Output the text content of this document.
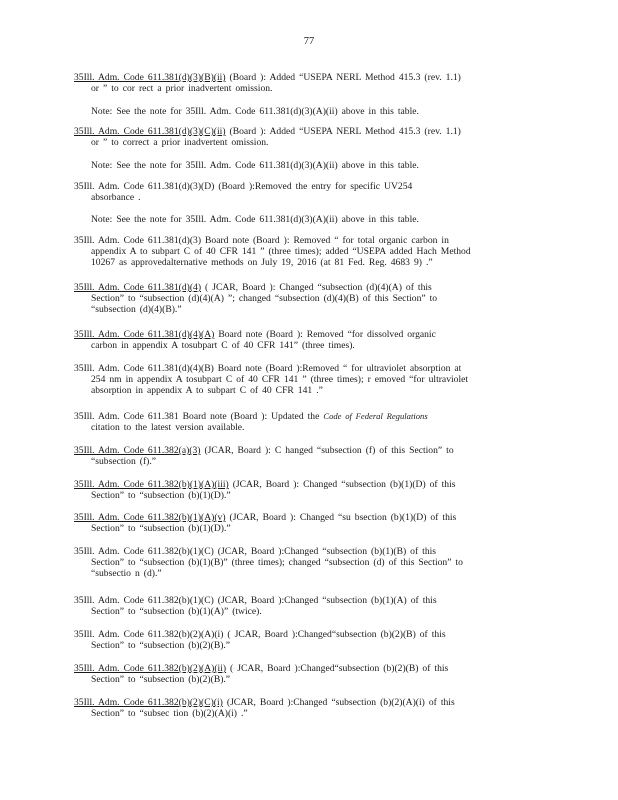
77
35Ill. Adm. Code 611.381(d)(3)(B)(ii) (Board ): Added “USEPA NERL Method 415.3 (rev. 1.1)
or ” to cor rect a prior inadvertent omission.
Note: See the note for 35Ill. Adm. Code 611.381(d)(3)(A)(ii) above in this table.
35Ill. Adm. Code 611.381(d)(3)(C)(ii) (Board ): Added “USEPA NERL Method 415.3 (rev. 1.1)
or ” to correct a prior inadvertent omission.
Note: See the note for 35Ill. Adm. Code 611.381(d)(3)(A)(ii) above in this table.
35Ill. Adm. Code 611.381(d)(3)(D) (Board ):Removed the entry for specific UV254
absorbance .
Note: See the note for 35Ill. Adm. Code 611.381(d)(3)(A)(ii) above in this table.
35Ill. Adm. Code 611.381(d)(3) Board note (Board ): Removed “ for total organic carbon in
appendix A to subpart C of 40 CFR 141 ” (three times); added “USEPA added Hach Method
10267 as approvedalternative methods on July 19, 2016 (at 81 Fed. Reg. 4683 9) .”
35Ill. Adm. Code 611.381(d)(4) ( JCAR, Board ): Changed “subsection (d)(4)(A) of this
Section” to “subsection (d)(4)(A) ”; changed “subsection (d)(4)(B) of this Section” to
“subsection (d)(4)(B).”
35Ill. Adm. Code 611.381(d)(4)(A) Board note (Board ): Removed “for dissolved organic
carbon in appendix A tosubpart C of 40 CFR 141” (three times).
35Ill. Adm. Code 611.381(d)(4)(B) Board note (Board ):Removed “ for ultraviolet absorption at
254 nm in appendix A tosubpart C of 40 CFR 141 ” (three times); r emoved “for ultraviolet
absorption in appendix A to subpart C of 40 CFR 141 .”
35Ill. Adm. Code 611.381 Board note (Board ): Updated the Code of Federal Regulations
citation to the latest version available.
35Ill. Adm. Code 611.382(a)(3) (JCAR, Board ): C hanged “subsection (f) of this Section” to
“subsection (f).”
35Ill. Adm. Code 611.382(b)(1)(A)(iii) (JCAR, Board ): Changed “subsection (b)(1)(D) of this
Section” to “subsection (b)(1)(D).”
35Ill. Adm. Code 611.382(b)(1)(A)(v) (JCAR, Board ): Changed “su bsection (b)(1)(D) of this
Section” to “subsection (b)(1)(D).”
35Ill. Adm. Code 611.382(b)(1)(C) (JCAR, Board ):Changed “subsection (b)(1)(B) of this
Section” to “subsection (b)(1)(B)” (three times); changed “subsection (d) of this Section” to
“subsectio n (d).”
35Ill. Adm. Code 611.382(b)(1)(C) (JCAR, Board ):Changed “subsection (b)(1)(A) of this
Section” to “subsection (b)(1)(A)” (twice).
35Ill. Adm. Code 611.382(b)(2)(A)(i) ( JCAR, Board ):Changed“subsection (b)(2)(B) of this
Section” to “subsection (b)(2)(B).”
35Ill. Adm. Code 611.382(b)(2)(A)(ii) ( JCAR, Board ):Changed“subsection (b)(2)(B) of this
Section” to “subsection (b)(2)(B).”
35Ill. Adm. Code 611.382(b)(2)(C)(i) (JCAR, Board ):Changed “subsection (b)(2)(A)(i) of this
Section” to “subsec tion (b)(2)(A)(i) .”
